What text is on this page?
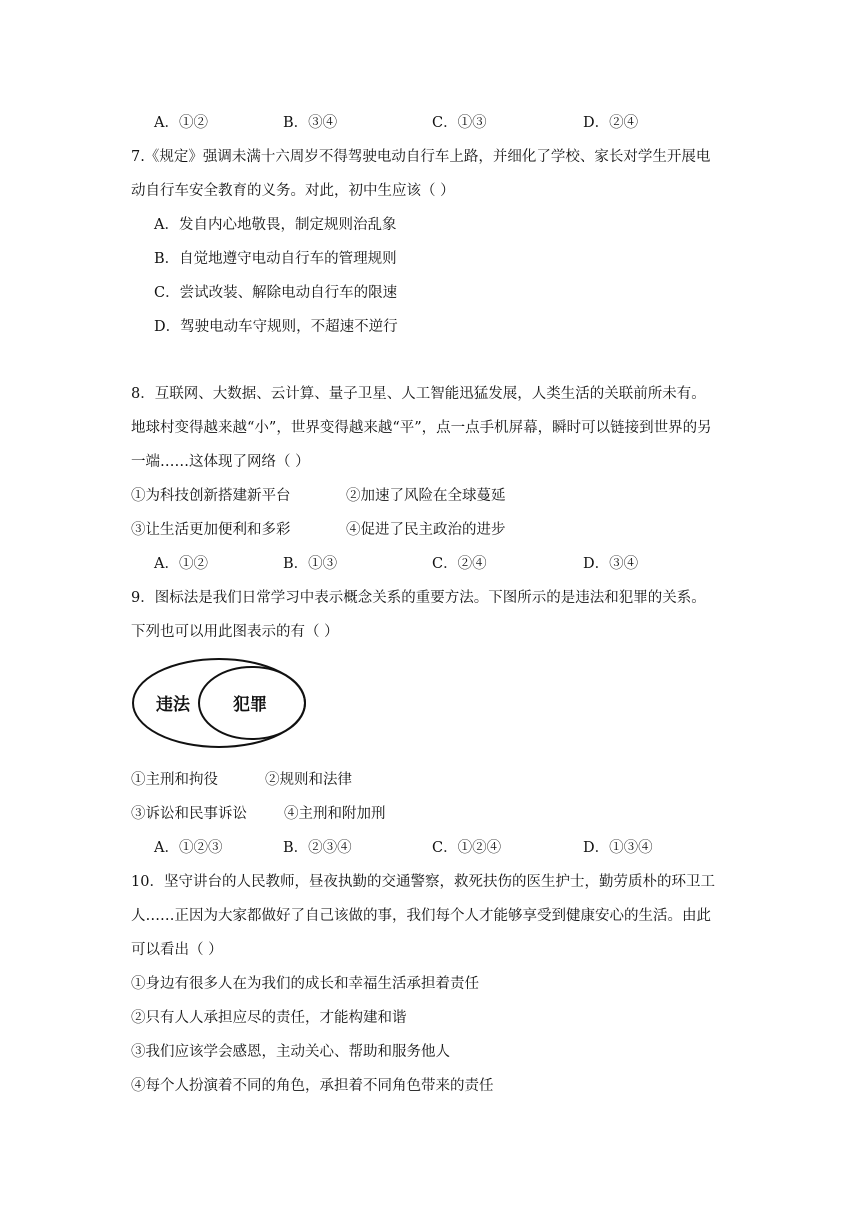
A．①②	B．③④	C．①③	D．②④
7.《规定》强调未满十六周岁不得驾驶电动自行车上路，并细化了学校、家长对学生开展电
动自行车安全教育的义务。对此，初中生应该（ ）
A．发自内心地敬畏，制定规则治乱象
B．自觉地遵守电动自行车的管理规则
C．尝试改装、解除电动自行车的限速
D．驾驶电动车守规则，不超速不逆行
8．互联网、大数据、云计算、量子卫星、人工智能迅猛发展，人类生活的关联前所未有。
地球村变得越来越“小”，世界变得越来越“平”，点一点手机屏幕，瞬时可以链接到世界的另
一端……这体现了网络（ ）
①为科技创新搭建新平台	②加速了风险在全球蔓延
③让生活更加便利和多彩	④促进了民主政治的进步
A．①②	B．①③	C．②④	D．③④
9．图标法是我们日常学习中表示概念关系的重要方法。下图所示的是违法和犯罪的关系。
下列也可以用此图表示的有（ ）
违法	犯罪
①主刑和拘役	②规则和法律
③诉讼和民事诉讼	④主刑和附加刑
A．①②③	B．②③④	C．①②④	D．①③④
10．坚守讲台的人民教师，昼夜执勤的交通警察，救死扶伤的医生护士，勤劳质朴的环卫工
人……正因为大家都做好了自己该做的事，我们每个人才能够享受到健康安心的生活。由此
可以看出（ ）
①身边有很多人在为我们的成长和幸福生活承担着责任
②只有人人承担应尽的责任，才能构建和谐
③我们应该学会感恩，主动关心、帮助和服务他人
④每个人扮演着不同的角色，承担着不同角色带来的责任
